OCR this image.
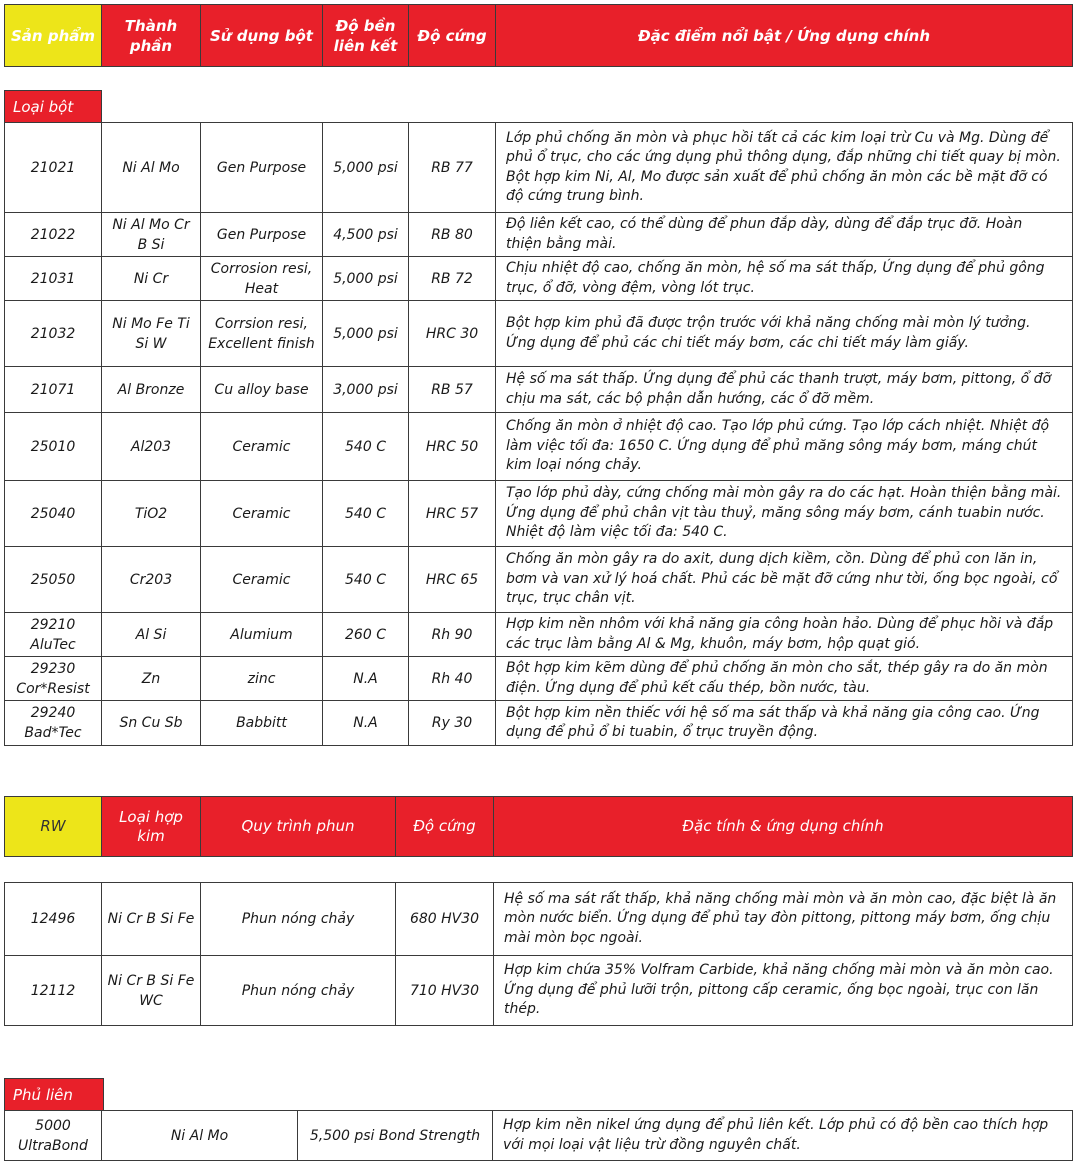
Sản phẩm	Thành phần	Sử dụng bột	Độ bền liên kết	Độ cứng	Đặc điểm nổi bật / Ứng dụng chính
Loại bột
21021	Ni Al Mo	Gen Purpose	5,000 psi	RB 77	Lớp phủ chống ăn mòn và phục hồi tất cả các kim loại trừ Cu và Mg. Dùng để phủ ổ trục, cho các ứng dụng phủ thông dụng, đắp những chi tiết quay bị mòn. Bột hợp kim Ni, Al, Mo được sản xuất để phủ chống ăn mòn các bề mặt đỡ có độ cứng trung bình.
21022	Ni Al Mo Cr B Si	Gen Purpose	4,500 psi	RB 80	Độ liên kết cao, có thể dùng để phun đắp dày, dùng để đắp trục đỡ. Hoàn thiện bằng mài.
21031	Ni Cr	Corrosion resi, Heat	5,000 psi	RB 72	Chịu nhiệt độ cao, chống ăn mòn, hệ số ma sát thấp, Ứng dụng để phủ gông trục, ổ đỡ, vòng đệm, vòng lót trục.
21032	Ni Mo Fe Ti Si W	Corrsion resi, Excellent finish	5,000 psi	HRC 30	Bột hợp kim phủ đã được trộn trước với khả năng chống mài mòn lý tưởng. Ứng dụng để phủ các chi tiết máy bơm, các chi tiết máy làm giấy.
21071	Al Bronze	Cu alloy base	3,000 psi	RB 57	Hệ số ma sát thấp. Ứng dụng để phủ các thanh trượt, máy bơm, pittong, ổ đỡ chịu ma sát, các bộ phận dẫn hướng, các ổ đỡ mềm.
25010	Al203	Ceramic	540 C	HRC 50	Chống ăn mòn ở nhiệt độ cao. Tạo lớp phủ cứng. Tạo lớp cách nhiệt. Nhiệt độ làm việc tối đa: 1650 C. Ứng dụng để phủ măng sông máy bơm, máng chút kim loại nóng chảy.
25040	TiO2	Ceramic	540 C	HRC 57	Tạo lớp phủ dày, cứng chống mài mòn gây ra do các hạt. Hoàn thiện bằng mài. Ứng dụng để phủ chân vịt tàu thuỷ, măng sông máy bơm, cánh tuabin nước. Nhiệt độ làm việc tối đa: 540 C.
25050	Cr203	Ceramic	540 C	HRC 65	Chống ăn mòn gây ra do axit, dung dịch kiềm, cồn. Dùng để phủ con lăn in, bơm và van xử lý hoá chất. Phủ các bề mặt đỡ cứng như tời, ống bọc ngoài, cổ trục, trục chân vịt.
29210 AluTec	Al Si	Alumium	260 C	Rh 90	Hợp kim nền nhôm với khả năng gia công hoàn hảo. Dùng để phục hồi và đắp các trục làm bằng Al & Mg, khuôn, máy bơm, hộp quạt gió.
29230 Cor*Resist	Zn	zinc	N.A	Rh 40	Bột hợp kim kẽm dùng để phủ chống ăn mòn cho sắt, thép gây ra do ăn mòn điện. Ứng dụng để phủ kết cấu thép, bồn nước, tàu.
29240 Bad*Tec	Sn Cu Sb	Babbitt	N.A	Ry 30	Bột hợp kim nền thiếc với hệ số ma sát thấp và khả năng gia công cao. Ứng dụng để phủ ổ bi tuabin, ổ trục truyền động.
RW	Loại hợp kim	Quy trình phun	Độ cứng	Đặc tính & ứng dụng chính
12496	Ni Cr B Si Fe	Phun nóng chảy	680 HV30	Hệ số ma sát rất thấp, khả năng chống mài mòn và ăn mòn cao, đặc biệt là ăn mòn nước biển. Ứng dụng để phủ tay đòn pittong, pittong máy bơm, ống chịu mài mòn bọc ngoài.
12112	Ni Cr B Si Fe WC	Phun nóng chảy	710 HV30	Hợp kim chứa 35% Volfram Carbide, khả năng chống mài mòn và ăn mòn cao. Ứng dụng để phủ lưỡi trộn, pittong cấp ceramic, ống bọc ngoài, trục con lăn thép.
Phủ liên kết
5000 UltraBond	Ni Al Mo	5,500 psi Bond Strength	Hợp kim nền nikel ứng dụng để phủ liên kết. Lớp phủ có độ bền cao thích hợp với mọi loại vật liệu trừ đồng nguyên chất.
